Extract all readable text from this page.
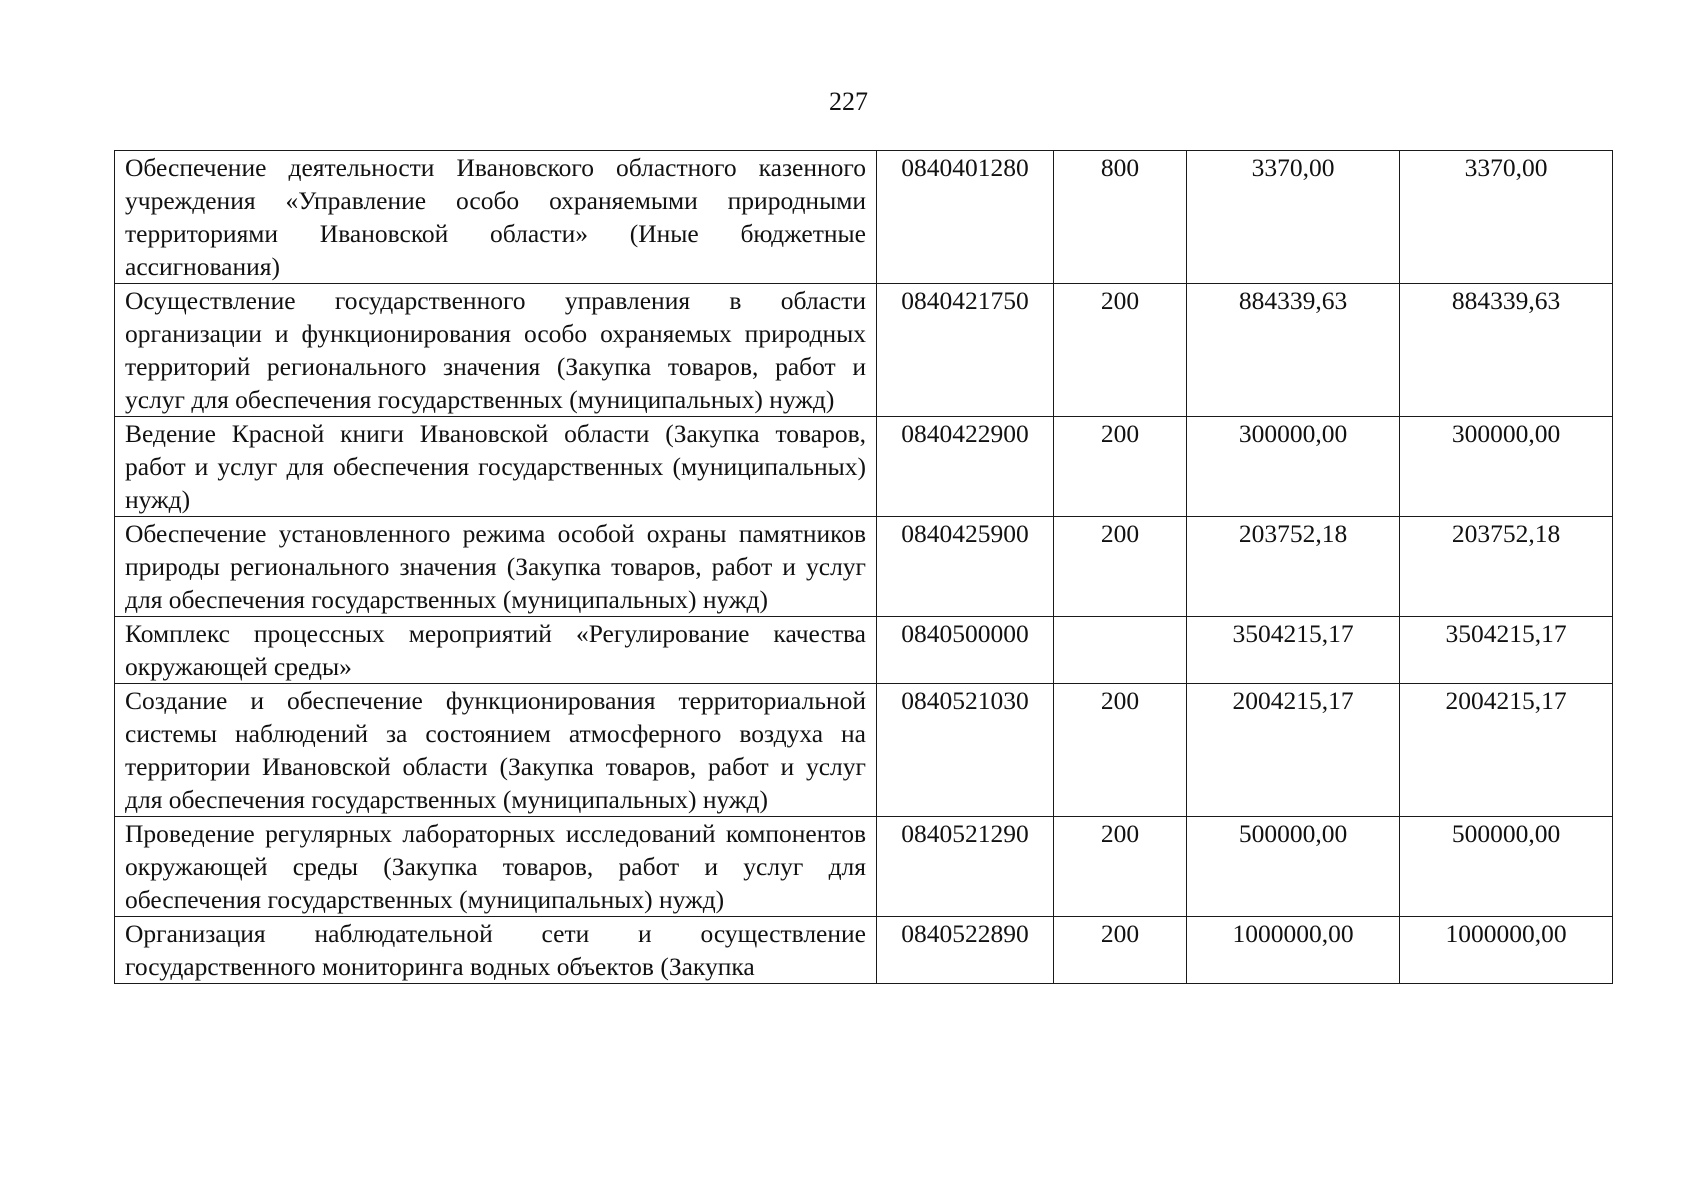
227
Обеспечение деятельности Ивановского областного казенного учреждения «Управление особо охраняемыми природными территориями Ивановской области» (Иные бюджетные ассигнования)	0840401280	800	3370,00	3370,00
Осуществление государственного управления в области организации и функционирования особо охраняемых природных территорий регионального значения (Закупка товаров, работ и услуг для обеспечения государственных (муниципальных) нужд)	0840421750	200	884339,63	884339,63
Ведение Красной книги Ивановской области (Закупка товаров, работ и услуг для обеспечения государственных (муниципальных) нужд)	0840422900	200	300000,00	300000,00
Обеспечение установленного режима особой охраны памятников природы регионального значения (Закупка товаров, работ и услуг для обеспечения государственных (муниципальных) нужд)	0840425900	200	203752,18	203752,18
Комплекс процессных мероприятий «Регулирование качества окружающей среды»	0840500000		3504215,17	3504215,17
Создание и обеспечение функционирования территориальной системы наблюдений за состоянием атмосферного воздуха на территории Ивановской области (Закупка товаров, работ и услуг для обеспечения государственных (муниципальных) нужд)	0840521030	200	2004215,17	2004215,17
Проведение регулярных лабораторных исследований компонентов окружающей среды (Закупка товаров, работ и услуг для обеспечения государственных (муниципальных) нужд)	0840521290	200	500000,00	500000,00
Организация наблюдательной сети и осуществление государственного мониторинга водных объектов (Закупка	0840522890	200	1000000,00	1000000,00
